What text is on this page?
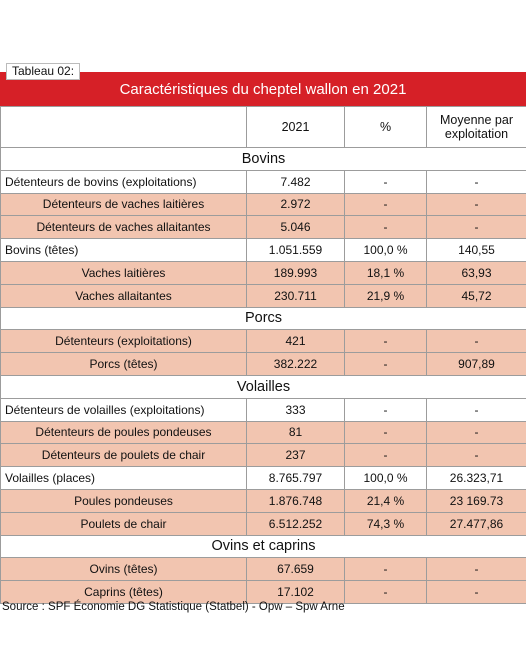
Tableau 02:
Caractéristiques du cheptel wallon en 2021
	2021	%	Moyenne par exploitation
Bovins			
Détenteurs de bovins (exploitations)	7.482	-	-
Détenteurs de vaches laitières	2.972	-	-
Détenteurs de vaches allaitantes	5.046	-	-
Bovins (têtes)	1.051.559	100,0 %	140,55
Vaches laitières	189.993	18,1 %	63,93
Vaches allaitantes	230.711	21,9 %	45,72
Porcs			
Détenteurs (exploitations)	421	-	-
Porcs (têtes)	382.222	-	907,89
Volailles			
Détenteurs de volailles (exploitations)	333	-	-
Détenteurs de poules pondeuses	81	-	-
Détenteurs de poulets de chair	237	-	-
Volailles (places)	8.765.797	100,0 %	26.323,71
Poules pondeuses	1.876.748	21,4 %	23 169.73
Poulets de chair	6.512.252	74,3 %	27.477,86
Ovins et caprins			
Ovins (têtes)	67.659	-	-
Caprins (têtes)	17.102	-	-
Source : SPF Économie DG Statistique (Statbel) - Opw – Spw Arne
